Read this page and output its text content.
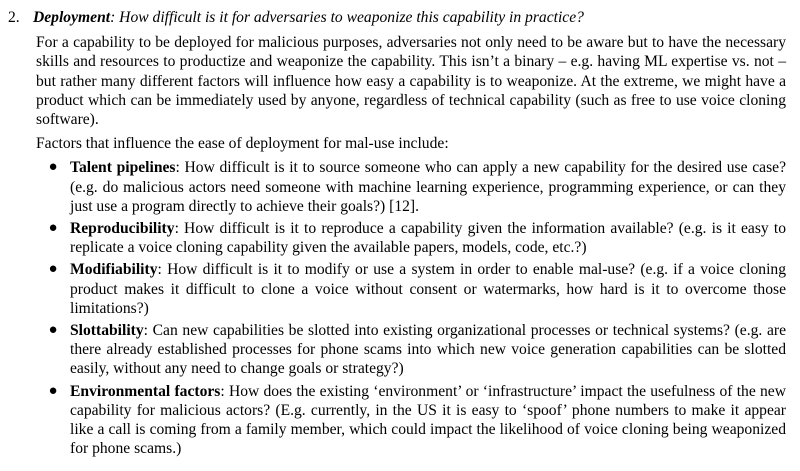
2. Deployment: How difficult is it for adversaries to weaponize this capability in practice?

For a capability to be deployed for malicious purposes, adversaries not only need to be aware but to have the necessary skills and resources to productize and weaponize the capability. This isn’t a binary – e.g. having ML expertise vs. not – but rather many different factors will influence how easy a capability is to weaponize. At the extreme, we might have a product which can be immediately used by anyone, regardless of technical capability (such as free to use voice cloning software).

Factors that influence the ease of deployment for mal-use include:

● Talent pipelines: How difficult is it to source someone who can apply a new capability for the desired use case? (e.g. do malicious actors need someone with machine learning experience, programming experience, or can they just use a program directly to achieve their goals?) [12].
● Reproducibility: How difficult is it to reproduce a capability given the information available? (e.g. is it easy to replicate a voice cloning capability given the available papers, models, code, etc.?)
● Modifiability: How difficult is it to modify or use a system in order to enable mal-use? (e.g. if a voice cloning product makes it difficult to clone a voice without consent or watermarks, how hard is it to overcome those limitations?)
● Slottability: Can new capabilities be slotted into existing organizational processes or technical systems? (e.g. are there already established processes for phone scams into which new voice generation capabilities can be slotted easily, without any need to change goals or strategy?)
● Environmental factors: How does the existing ‘environment’ or ‘infrastructure’ impact the usefulness of the new capability for malicious actors? (E.g. currently, in the US it is easy to ‘spoof’ phone numbers to make it appear like a call is coming from a family member, which could impact the likelihood of voice cloning being weaponized for phone scams.)
